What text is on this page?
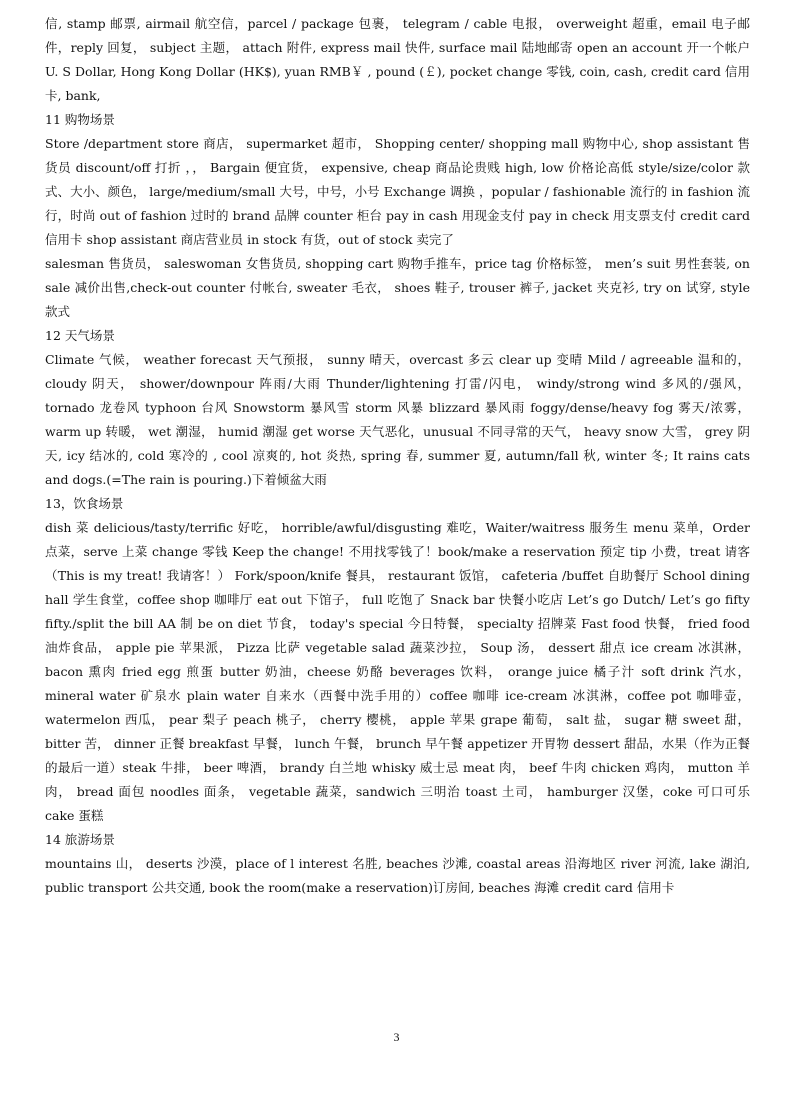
信, stamp 邮票, airmail 航空信，parcel / package 包裹， telegram / cable 电报， overweight 超重，email 电子邮件，reply 回复， subject 主题， attach 附件, express mail 快件, surface mail 陆地邮寄 open an account 开一个帐户 U. S Dollar, Hong Kong Dollar (HK$), yuan RMB￥ , pound (￡), pocket change 零钱, coin, cash, credit card 信用卡, bank,

11 购物场景

Store /department store 商店， supermarket 超市， Shopping center/ shopping mall 购物中心, shop assistant 售货员 discount/off 打折 ，， Bargain 便宜货， expensive, cheap 商品论贵贱 high, low 价格论高低 style/size/color 款式、大小、颜色， large/medium/small 大号，中号，小号 Exchange 调换 ，popular / fashionable 流行的 in fashion 流行，时尚 out of fashion 过时的 brand 品牌 counter 柜台 pay in cash 用现金支付 pay in check 用支票支付 credit card 信用卡 shop assistant 商店营业员 in stock 有货，out of stock 卖完了

salesman 售货员， saleswoman 女售货员, shopping cart 购物手推车，price tag 价格标签， men’s suit 男性套装, on sale 减价出售,check-out counter 付帐台, sweater 毛衣， shoes 鞋子, trouser 裤子, jacket 夹克衫, try on 试穿, style 款式

12 天气场景

Climate 气候， weather forecast 天气预报， sunny 晴天，overcast 多云 clear up 变晴 Mild / agreeable 温和的， cloudy 阴天， shower/downpour 阵雨/大雨 Thunder/lightening 打雷/闪电， windy/strong wind 多风的/强风，tornado 龙卷风 typhoon 台风 Snowstorm 暴风雪 storm 风暴 blizzard 暴风雨 foggy/dense/heavy fog 雾天/浓雾， warm up 转暖， wet 潮湿， humid 潮湿 get worse 天气恶化，unusual 不同寻常的天气， heavy snow 大雪， grey 阴天, icy 结冰的, cold 寒冷的 , cool 凉爽的, hot 炎热, spring 春, summer 夏, autumn/fall 秋, winter 冬; It rains cats and dogs.(=The rain is pouring.)下着倾盆大雨

13，饮食场景

dish 菜 delicious/tasty/terrific 好吃， horrible/awful/disgusting 难吃，Waiter/waitress 服务生 menu 菜单，Order 点菜，serve 上菜 change 零钱 Keep the change! 不用找零钱了！book/make a reservation 预定 tip 小费，treat 请客 （This is my treat! 我请客！） Fork/spoon/knife 餐具， restaurant 饭馆， cafeteria /buffet 自助餐厅 School dining hall 学生食堂，coffee shop 咖啡厅 eat out 下馆子， full 吃饱了 Snack bar 快餐小吃店 Let’s go Dutch/ Let’s go fifty fifty./split the bill AA 制 be on diet 节食， today's special 今日特餐， specialty 招牌菜 Fast food 快餐， fried food 油炸食品， apple pie 苹果派， Pizza 比萨 vegetable salad 蔬菜沙拉， Soup 汤， dessert 甜点 ice cream 冰淇淋， bacon 熏肉 fried egg 煎蛋 butter 奶油，cheese 奶酪 beverages 饮料， orange juice 橘子汁 soft drink 汽水， mineral water 矿泉水 plain water 自来水（西餐中洗手用的）coffee 咖啡 ice-cream 冰淇淋，coffee pot 咖啡壶，watermelon 西瓜， pear 梨子 peach 桃子， cherry 樱桃， apple 苹果 grape 葡萄， salt 盐， sugar 糖 sweet 甜， bitter 苦， dinner 正餐 breakfast 早餐， lunch 午餐， brunch 早午餐 appetizer 开胃物 dessert 甜品，水果（作为正餐的最后一道）steak 牛排， beer 啤酒， brandy 白兰地 whisky 威士忌 meat 肉， beef 牛肉 chicken 鸡肉， mutton 羊肉， bread 面包 noodles 面条， vegetable 蔬菜，sandwich 三明治 toast 土司， hamburger 汉堡，coke 可口可乐 cake 蛋糕

14 旅游场景

mountains 山， deserts 沙漠，place of l interest 名胜, beaches 沙滩, coastal areas 沿海地区 river 河流, lake 湖泊, public transport 公共交通, book the room(make a reservation)订房间, beaches 海滩 credit card 信用卡

3
